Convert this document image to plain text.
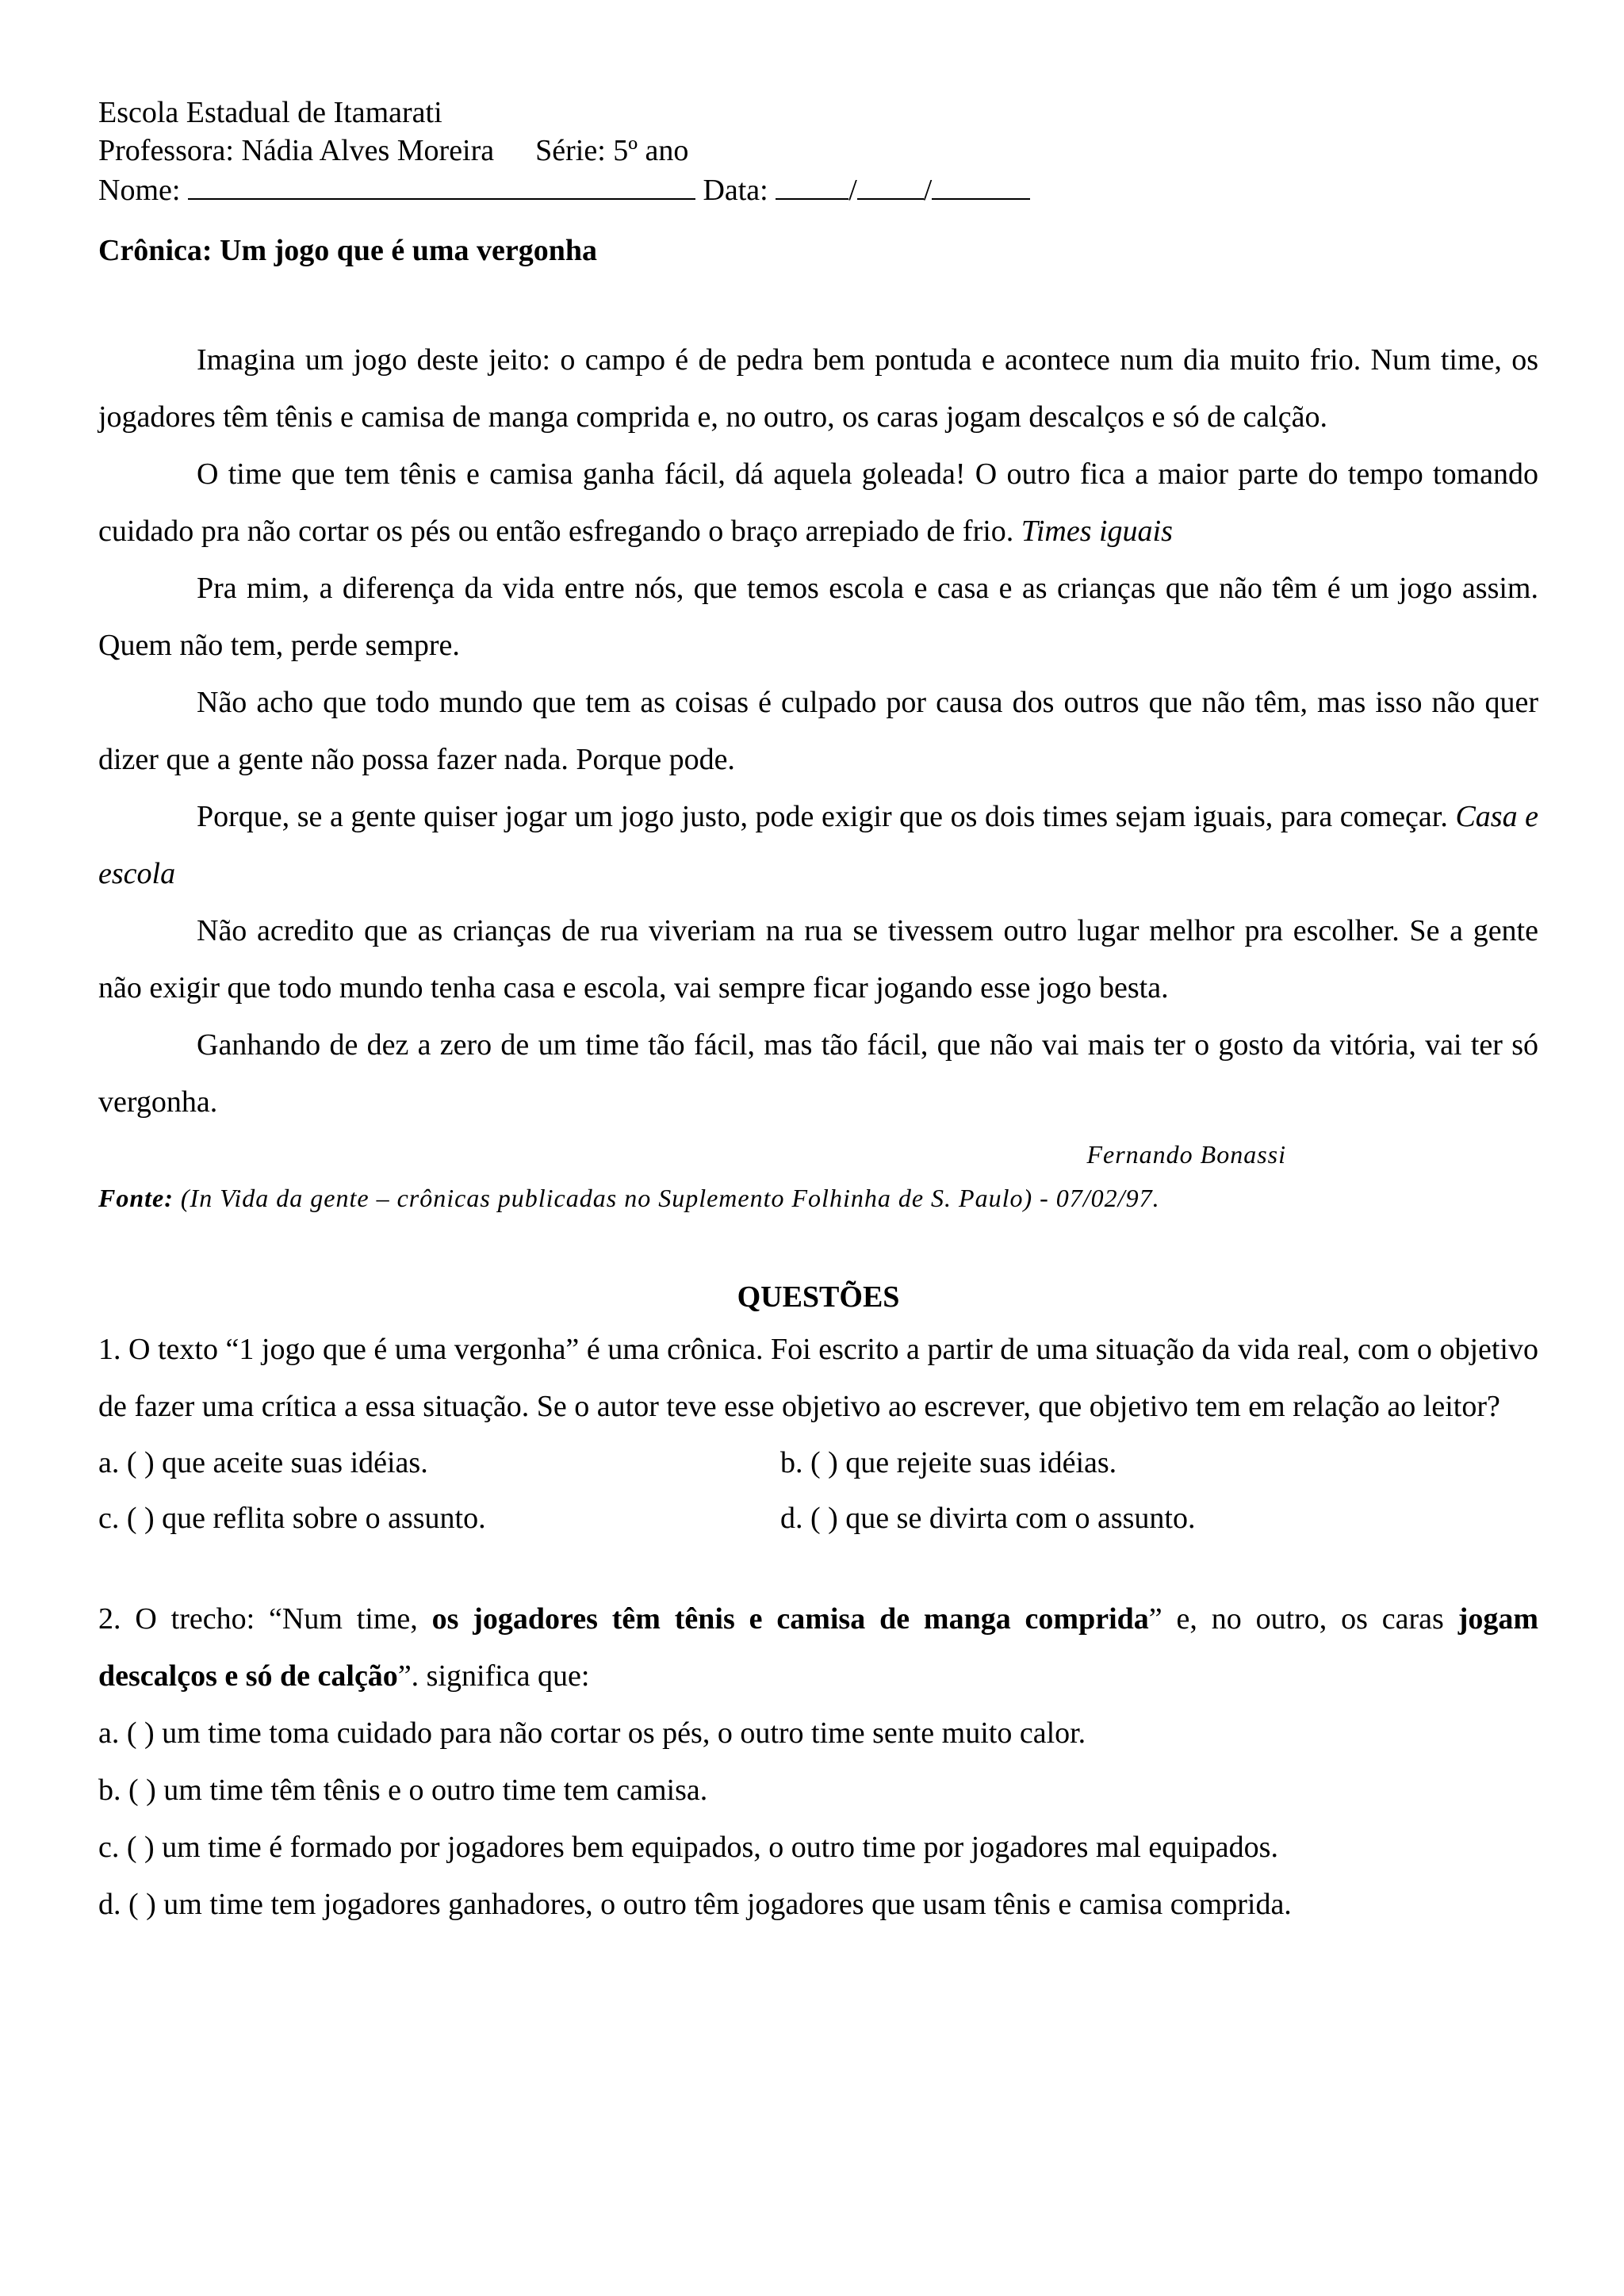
Escola Estadual de Itamarati
Professora: Nádia Alves Moreira Série: 5º ano
Nome:	Data:	/ /
Crônica: Um jogo que é uma vergonha

Imagina um jogo deste jeito: o campo é de pedra bem pontuda e acontece num dia muito frio. Num time, os jogadores têm tênis e camisa de manga comprida e, no outro, os caras jogam descalços e só de calção.

O time que tem tênis e camisa ganha fácil, dá aquela goleada! O outro fica a maior parte do tempo tomando cuidado pra não cortar os pés ou então esfregando o braço arrepiado de frio. Times iguais

Pra mim, a diferença da vida entre nós, que temos escola e casa e as crianças que não têm é um jogo assim. Quem não tem, perde sempre.

Não acho que todo mundo que tem as coisas é culpado por causa dos outros que não têm, mas isso não quer dizer que a gente não possa fazer nada. Porque pode.

Porque, se a gente quiser jogar um jogo justo, pode exigir que os dois times sejam iguais, para começar. Casa e escola

Não acredito que as crianças de rua viveriam na rua se tivessem outro lugar melhor pra escolher. Se a gente não exigir que todo mundo tenha casa e escola, vai sempre ficar jogando esse jogo besta.

Ganhando de dez a zero de um time tão fácil, mas tão fácil, que não vai mais ter o gosto da vitória, vai ter só vergonha.

Fernando Bonassi
Fonte: (In Vida da gente – crônicas publicadas no Suplemento Folhinha de S. Paulo) - 07/02/97.
QUESTÕES
1. O texto “1 jogo que é uma vergonha” é uma crônica. Foi escrito a partir de uma situação da vida real, com o objetivo de fazer uma crítica a essa situação. Se o autor teve esse objetivo ao escrever, que objetivo tem em relação ao leitor?
a. ( ) que aceite suas idéias.	b. ( ) que rejeite suas idéias.
c. ( ) que reflita sobre o assunto.	d. ( ) que se divirta com o assunto.
2. O trecho: “Num time, os jogadores têm tênis e camisa de manga comprida” e, no outro, os caras jogam descalços e só de calção”. significa que:
a. ( ) um time toma cuidado para não cortar os pés, o outro time sente muito calor.
b. ( ) um time têm tênis e o outro time tem camisa.
c. ( ) um time é formado por jogadores bem equipados, o outro time por jogadores mal equipados.
d. ( ) um time tem jogadores ganhadores, o outro têm jogadores que usam tênis e camisa comprida.
